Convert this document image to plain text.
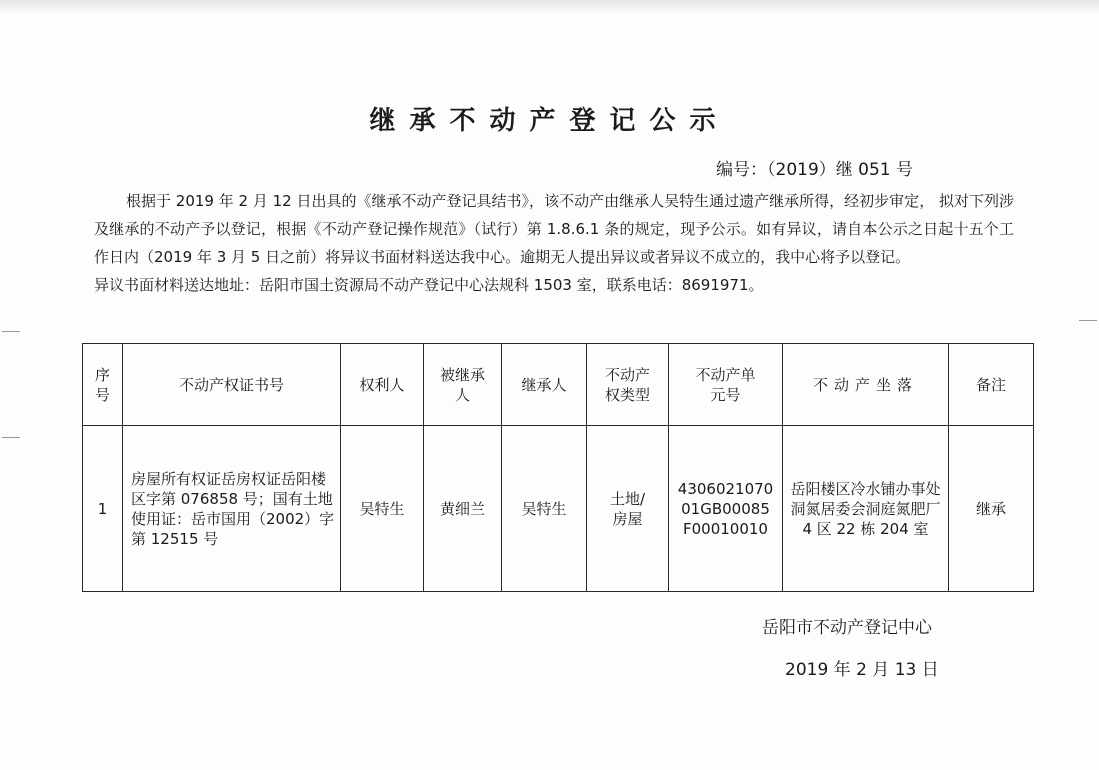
继承不动产登记公示
编号：（2019）继 051 号

根据于 2019 年 2 月 12 日出具的《继承不动产登记具结书》，该不动产由继承人吴特生通过遗产继承所得，经初步审定， 拟对下列涉及继承的不动产予以登记，根据《不动产登记操作规范》（试行）第 1.8.6.1 条的规定，现予公示。如有异议，请自本公示之日起十五个工作日内（2019 年 3 月 5 日之前）将异议书面材料送达我中心。逾期无人提出异议或者异议不成立的，我中心将予以登记。

异议书面材料送达地址：岳阳市国土资源局不动产登记中心法规科 1503 室，联系电话：8691971。

序号	不动产权证书号	权利人	被继承人	继承人	不动产权类型	不动产单元号	不动产坐落	备注
1	房屋所有权证岳房权证岳阳楼区字第 076858 号；国有土地使用证：岳市国用（2002）字第 12515 号	吴特生	黄细兰	吴特生	土地/房屋	430602107001GB00085F00010010	岳阳楼区冷水铺办事处洞氮居委会洞庭氮肥厂4 区 22 栋 204 室	继承
岳阳市不动产登记中心
2019 年 2 月 13 日
